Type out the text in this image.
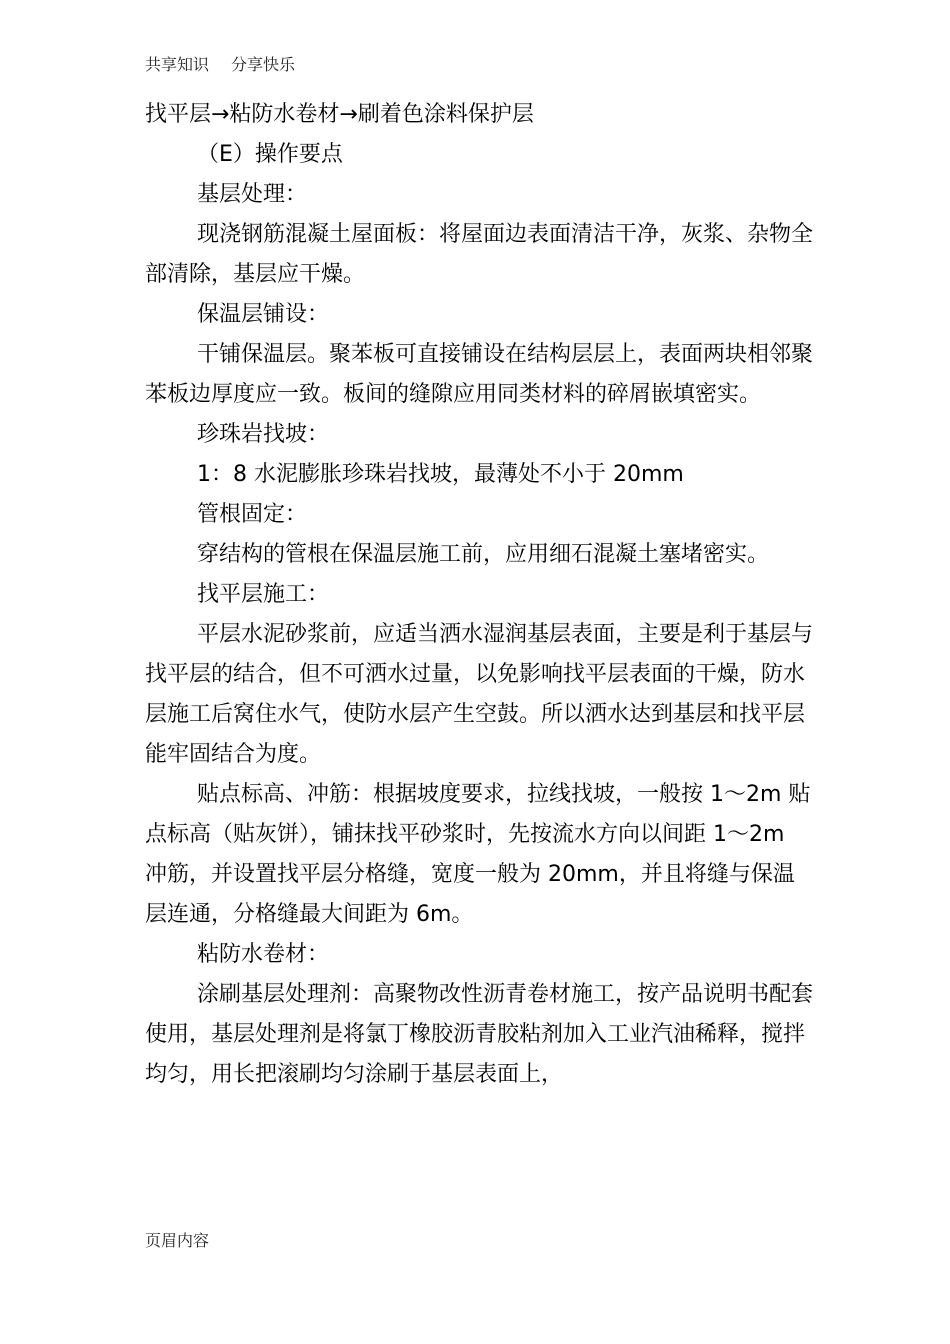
共享知识 分享快乐

找平层→粘防水卷材→刷着色涂料保护层

（E）操作要点

基层处理：

现浇钢筋混凝土屋面板：将屋面边表面清洁干净，灰浆、杂物全部清除，基层应干燥。

保温层铺设：

干铺保温层。聚苯板可直接铺设在结构层层上，表面两块相邻聚苯板边厚度应一致。板间的缝隙应用同类材料的碎屑嵌填密实。

珍珠岩找坡：

1：8 水泥膨胀珍珠岩找坡，最薄处不小于 20mm

管根固定：

穿结构的管根在保温层施工前，应用细石混凝土塞堵密实。

找平层施工：

平层水泥砂浆前，应适当洒水湿润基层表面，主要是利于基层与找平层的结合，但不可洒水过量，以免影响找平层表面的干燥，防水层施工后窝住水气，使防水层产生空鼓。所以洒水达到基层和找平层能牢固结合为度。

贴点标高、冲筋：根据坡度要求，拉线找坡，一般按 1～2m 贴点标高（贴灰饼），铺抹找平砂浆时，先按流水方向以间距 1～2m 冲筋，并设置找平层分格缝，宽度一般为 20mm，并且将缝与保温层连通，分格缝最大间距为 6m。

粘防水卷材：

涂刷基层处理剂：高聚物改性沥青卷材施工，按产品说明书配套使用，基层处理剂是将氯丁橡胶沥青胶粘剂加入工业汽油稀释，搅拌均匀，用长把滚刷均匀涂刷于基层表面上，

页眉内容
